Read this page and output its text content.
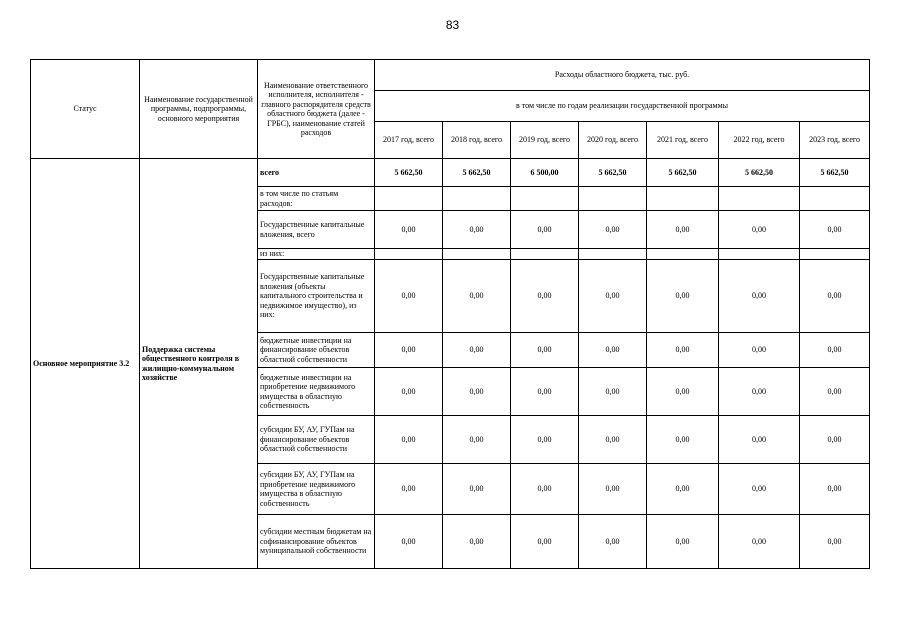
83
Статус	Наименование государственной программы, подпрограммы, основного мероприятия	Наименование ответственного исполнителя, исполнителя - главного распорядителя средств областного бюджета (далее - ГРБС), наименование статей расходов	Расходы областного бюджета, тыс. руб.						
			в том числе по годам реализации государственной программы						
			2017 год, всего	2018 год, всего	2019 год, всего	2020 год, всего	2021 год, всего	2022 год, всего	2023 год, всего
Основное мероприятие 3.2	Поддержка системы общественного контроля в жилищно-коммунальном хозяйстве	всего	5 662,50	5 662,50	6 500,00	5 662,50	5 662,50	5 662,50	5 662,50
		в том числе по статьям расходов:							
		Государственные капитальные вложения, всего	0,00	0,00	0,00	0,00	0,00	0,00	0,00
		из них:							
		Государственные капитальные вложения (объекты капитального строительства и недвижимое имущество), из них:	0,00	0,00	0,00	0,00	0,00	0,00	0,00
		бюджетные инвестиции на финансирование объектов областной собственности	0,00	0,00	0,00	0,00	0,00	0,00	0,00
		бюджетные инвестиции на приобретение недвижимого имущества в областную собственность	0,00	0,00	0,00	0,00	0,00	0,00	0,00
		субсидии БУ, АУ, ГУПам на финансирование объектов областной собственности	0,00	0,00	0,00	0,00	0,00	0,00	0,00
		субсидии БУ, АУ, ГУПам на приобретение недвижимого имущества в областную собственность	0,00	0,00	0,00	0,00	0,00	0,00	0,00
		субсидии местным бюджетам на софинансирование объектов муниципальной собственности	0,00	0,00	0,00	0,00	0,00	0,00	0,00
